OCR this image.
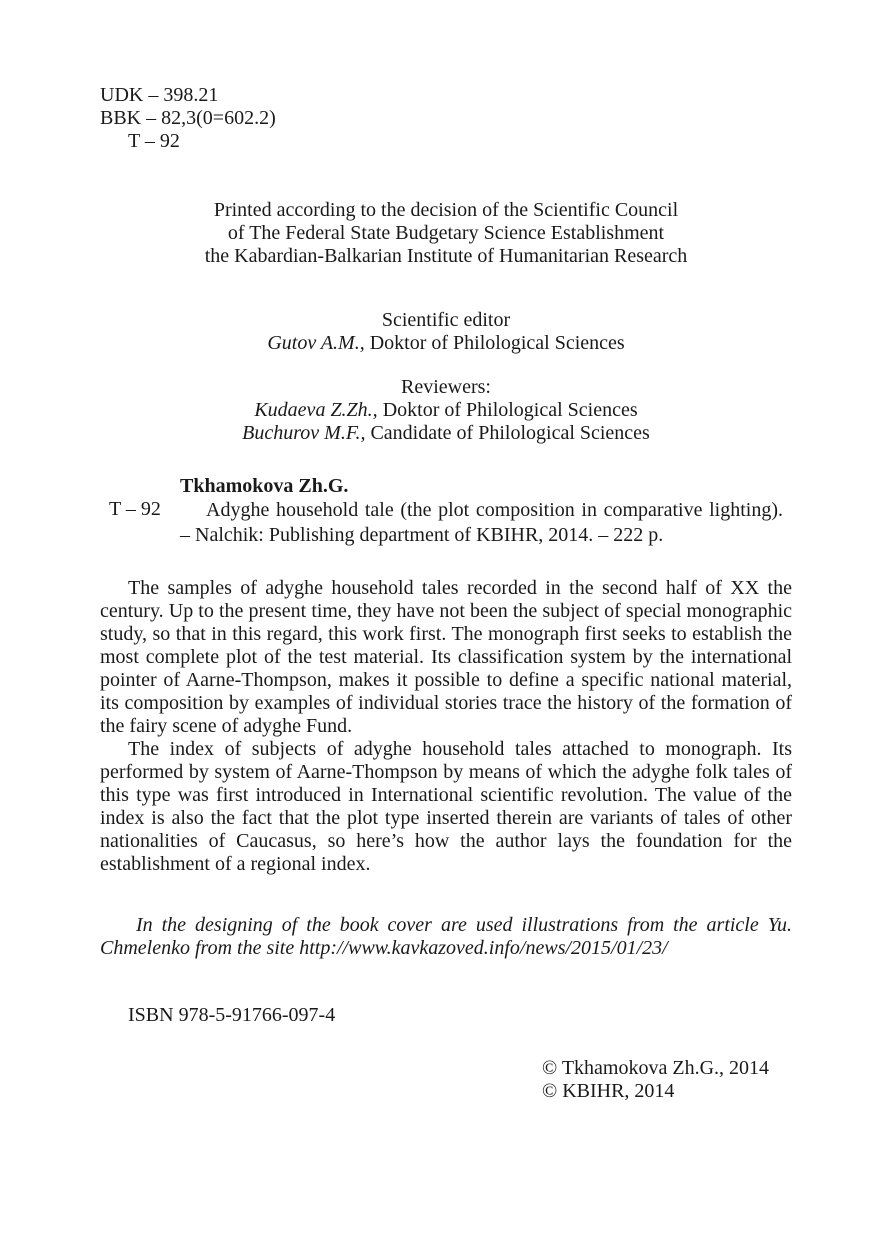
UDK – 398.21
BBK – 82,3(0=602.2)
T – 92
Printed according to the decision of the Scientific Council
of The Federal State Budgetary Science Establishment
the Kabardian-Balkarian Institute of Humanitarian Research
Scientific editor
Gutov A.M., Doktor of Philological Sciences
Reviewers:
Kudaeva Z.Zh., Doktor of Philological Sciences
Buchurov M.F., Candidate of Philological Sciences
Tkhamokova Zh.G.
T – 92	Adyghe household tale (the plot composition in comparative lighting). – Nalchik: Publishing department of KBIHR, 2014. – 222 p.

The samples of adyghe household tales recorded in the second half of XX the century. Up to the present time, they have not been the subject of special monographic study, so that in this regard, this work first. The monograph first seeks to establish the most complete plot of the test material. Its classification system by the international pointer of Aarne-Thompson, makes it possible to define a specific national material, its composition by examples of individual stories trace the history of the formation of the fairy scene of adyghe Fund.

The index of subjects of adyghe household tales attached to monograph. Its performed by system of Aarne-Thompson by means of which the adyghe folk tales of this type was first introduced in International scientific revolution. The value of the index is also the fact that the plot type inserted therein are variants of tales of other nationalities of Caucasus, so here’s how the author lays the foundation for the establishment of a regional index.

In the designing of the book cover are used illustrations from the article Yu. Chmelenko from the site http://www.kavkazoved.info/news/2015/01/23/
ISBN 978-5-91766-097-4
© Tkhamokova Zh.G., 2014
© KBIHR, 2014
